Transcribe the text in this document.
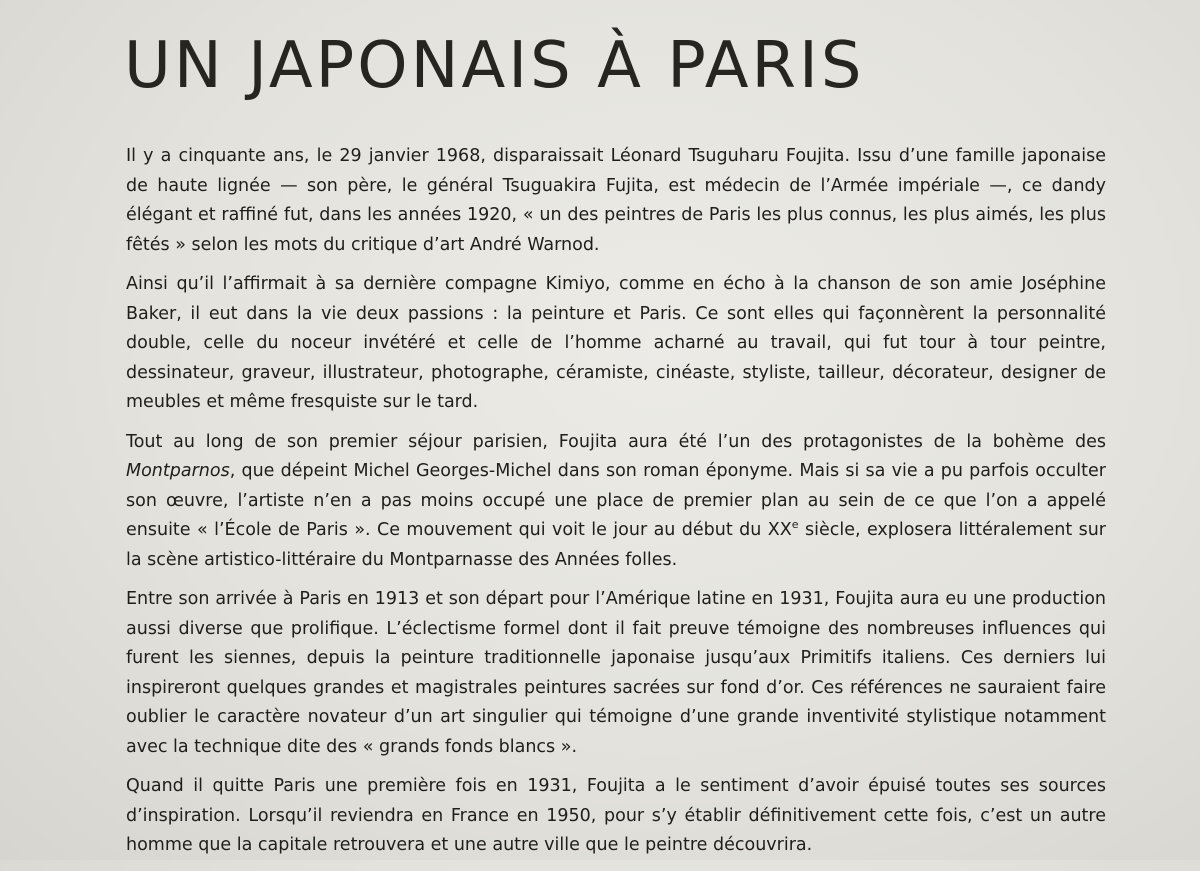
UN JAPONAIS À PARIS

Il y a cinquante ans, le 29 janvier 1968, disparaissait Léonard Tsuguharu Foujita. Issu d’une famille japonaise de haute lignée — son père, le général Tsuguakira Fujita, est médecin de l’Armée impériale —, ce dandy élégant et raffiné fut, dans les années 1920, « un des peintres de Paris les plus connus, les plus aimés, les plus fêtés » selon les mots du critique d’art André Warnod.

Ainsi qu’il l’affirmait à sa dernière compagne Kimiyo, comme en écho à la chanson de son amie Joséphine Baker, il eut dans la vie deux passions : la peinture et Paris. Ce sont elles qui façonnèrent la personnalité double, celle du noceur invétéré et celle de l’homme acharné au travail, qui fut tour à tour peintre, dessinateur, graveur, illustrateur, photographe, céramiste, cinéaste, styliste, tailleur, décorateur, designer de meubles et même fresquiste sur le tard.

Tout au long de son premier séjour parisien, Foujita aura été l’un des protagonistes de la bohème des Montparnos, que dépeint Michel Georges-Michel dans son roman éponyme. Mais si sa vie a pu parfois occulter son œuvre, l’artiste n’en a pas moins occupé une place de premier plan au sein de ce que l’on a appelé ensuite « l’École de Paris ». Ce mouvement qui voit le jour au début du XXe siècle, explosera littéralement sur la scène artistico-littéraire du Montparnasse des Années folles.

Entre son arrivée à Paris en 1913 et son départ pour l’Amérique latine en 1931, Foujita aura eu une production aussi diverse que prolifique. L’éclectisme formel dont il fait preuve témoigne des nombreuses influences qui furent les siennes, depuis la peinture traditionnelle japonaise jusqu’aux Primitifs italiens. Ces derniers lui inspireront quelques grandes et magistrales peintures sacrées sur fond d’or. Ces références ne sauraient faire oublier le caractère novateur d’un art singulier qui témoigne d’une grande inventivité stylistique notamment avec la technique dite des « grands fonds blancs ».

Quand il quitte Paris une première fois en 1931, Foujita a le sentiment d’avoir épuisé toutes ses sources d’inspiration. Lorsqu’il reviendra en France en 1950, pour s’y établir définitivement cette fois, c’est un autre homme que la capitale retrouvera et une autre ville que le peintre découvrira.
